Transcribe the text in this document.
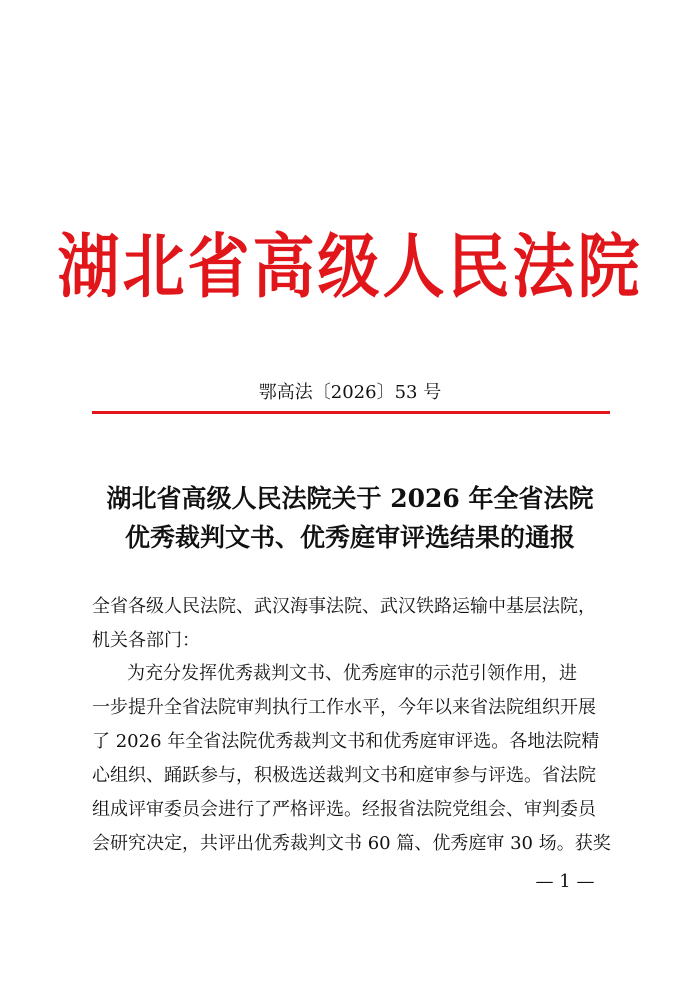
湖北省高级人民法院
鄂高法〔2026〕53 号
湖北省高级人民法院关于 2026 年全省法院
优秀裁判文书、优秀庭审评选结果的通报
全省各级人民法院、武汉海事法院、武汉铁路运输中基层法院，
机关各部门：
为充分发挥优秀裁判文书、优秀庭审的示范引领作用，进
一步提升全省法院审判执行工作水平，今年以来省法院组织开展
了 2026 年全省法院优秀裁判文书和优秀庭审评选。各地法院精
心组织、踊跃参与，积极选送裁判文书和庭审参与评选。省法院
组成评审委员会进行了严格评选。经报省法院党组会、审判委员
会研究决定，共评出优秀裁判文书 60 篇、优秀庭审 30 场。获奖
— 1 —
